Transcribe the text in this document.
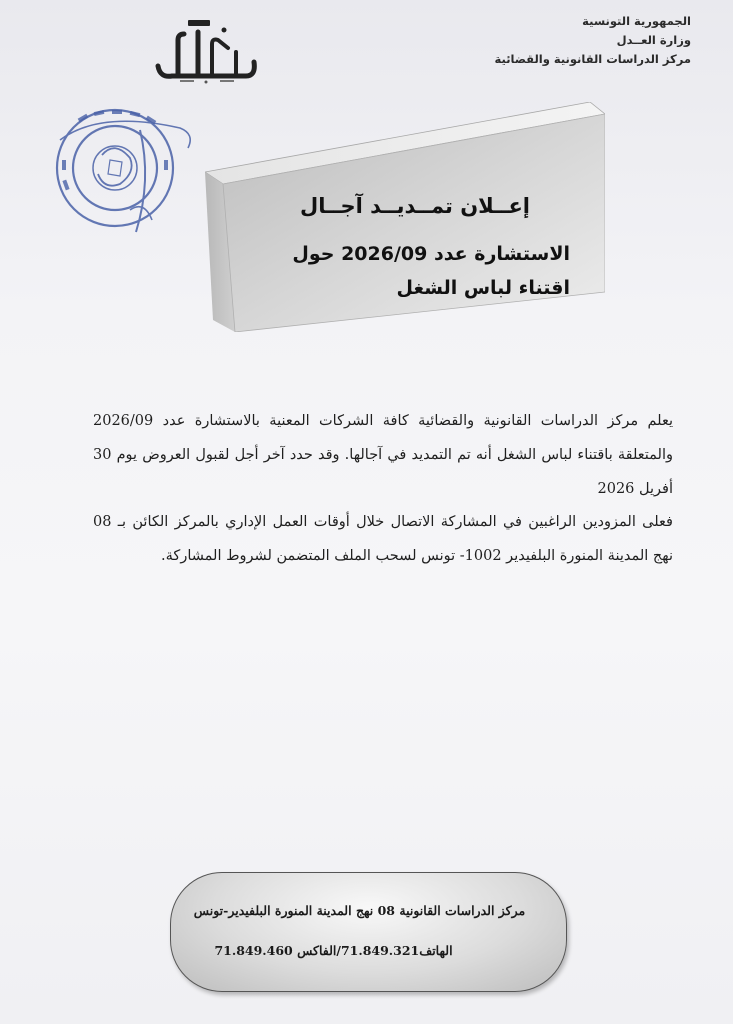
الجمهورية التونسية
وزارة العــدل
مركز الدراسات القانونية والقضائية
إعــلان تمــديــد آجــال
الاستشارة عدد 2026/09 حول اقتناء لباس الشغل
يعلم مركز الدراسات القانونية والقضائية كافة الشركات المعنية بالاستشارة عدد 2026/09 والمتعلقة باقتناء لباس الشغل أنه تم التمديد في آجالها. وقد حدد آخر أجل لقبول العروض يوم 30 أفريل 2026
فعلى المزودين الراغبين في المشاركة الاتصال خلال أوقات العمل الإداري بالمركز الكائن بـ 08 نهج المدينة المنورة البلفيدير 1002- تونس لسحب الملف المتضمن لشروط المشاركة.
مركز الدراسات القانونية 08 نهج المدينة المنورة البلفيدير-تونس
الهاتف71.849.321/الفاكس 71.849.460
